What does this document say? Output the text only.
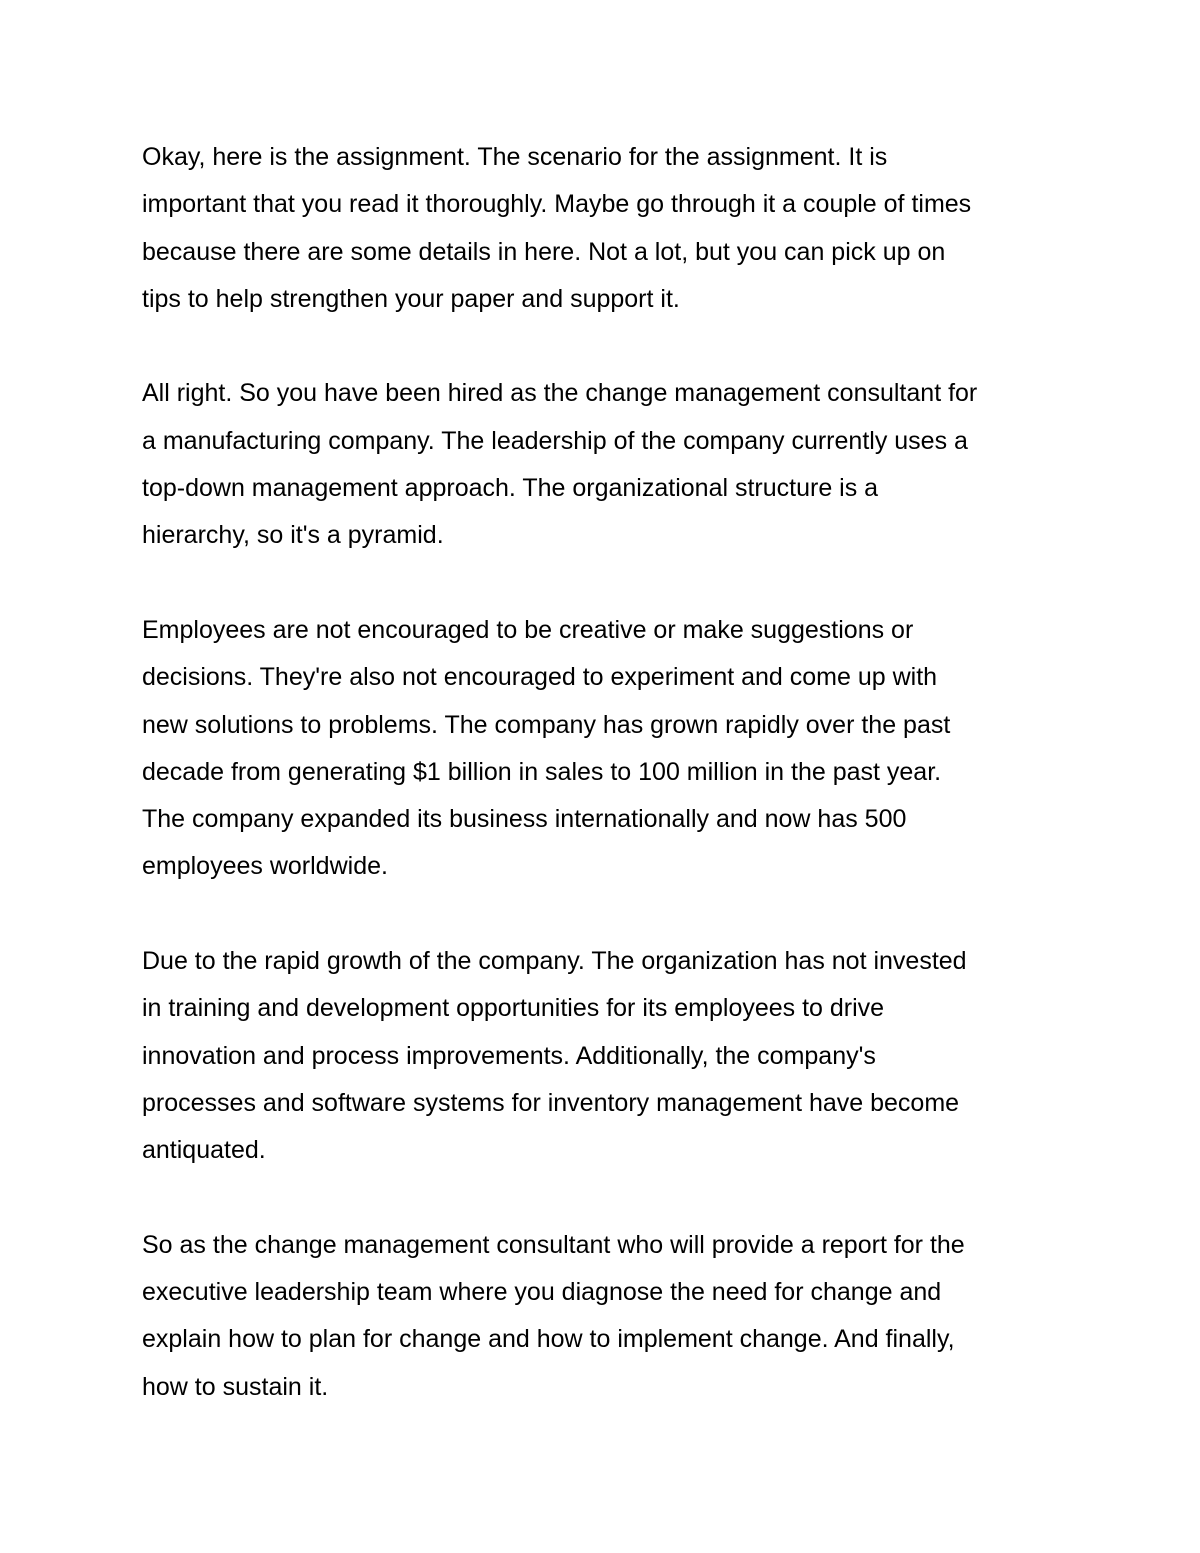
Okay, here is the assignment. The scenario for the assignment. It is
important that you read it thoroughly. Maybe go through it a couple of times
because there are some details in here. Not a lot, but you can pick up on
tips to help strengthen your paper and support it.

All right. So you have been hired as the change management consultant for
a manufacturing company. The leadership of the company currently uses a
top-down management approach. The organizational structure is a
hierarchy, so it's a pyramid.

Employees are not encouraged to be creative or make suggestions or
decisions. They're also not encouraged to experiment and come up with
new solutions to problems. The company has grown rapidly over the past
decade from generating $1 billion in sales to 100 million in the past year.
The company expanded its business internationally and now has 500
employees worldwide.

Due to the rapid growth of the company. The organization has not invested
in training and development opportunities for its employees to drive
innovation and process improvements. Additionally, the company's
processes and software systems for inventory management have become
antiquated.

So as the change management consultant who will provide a report for the
executive leadership team where you diagnose the need for change and
explain how to plan for change and how to implement change. And finally,
how to sustain it.
